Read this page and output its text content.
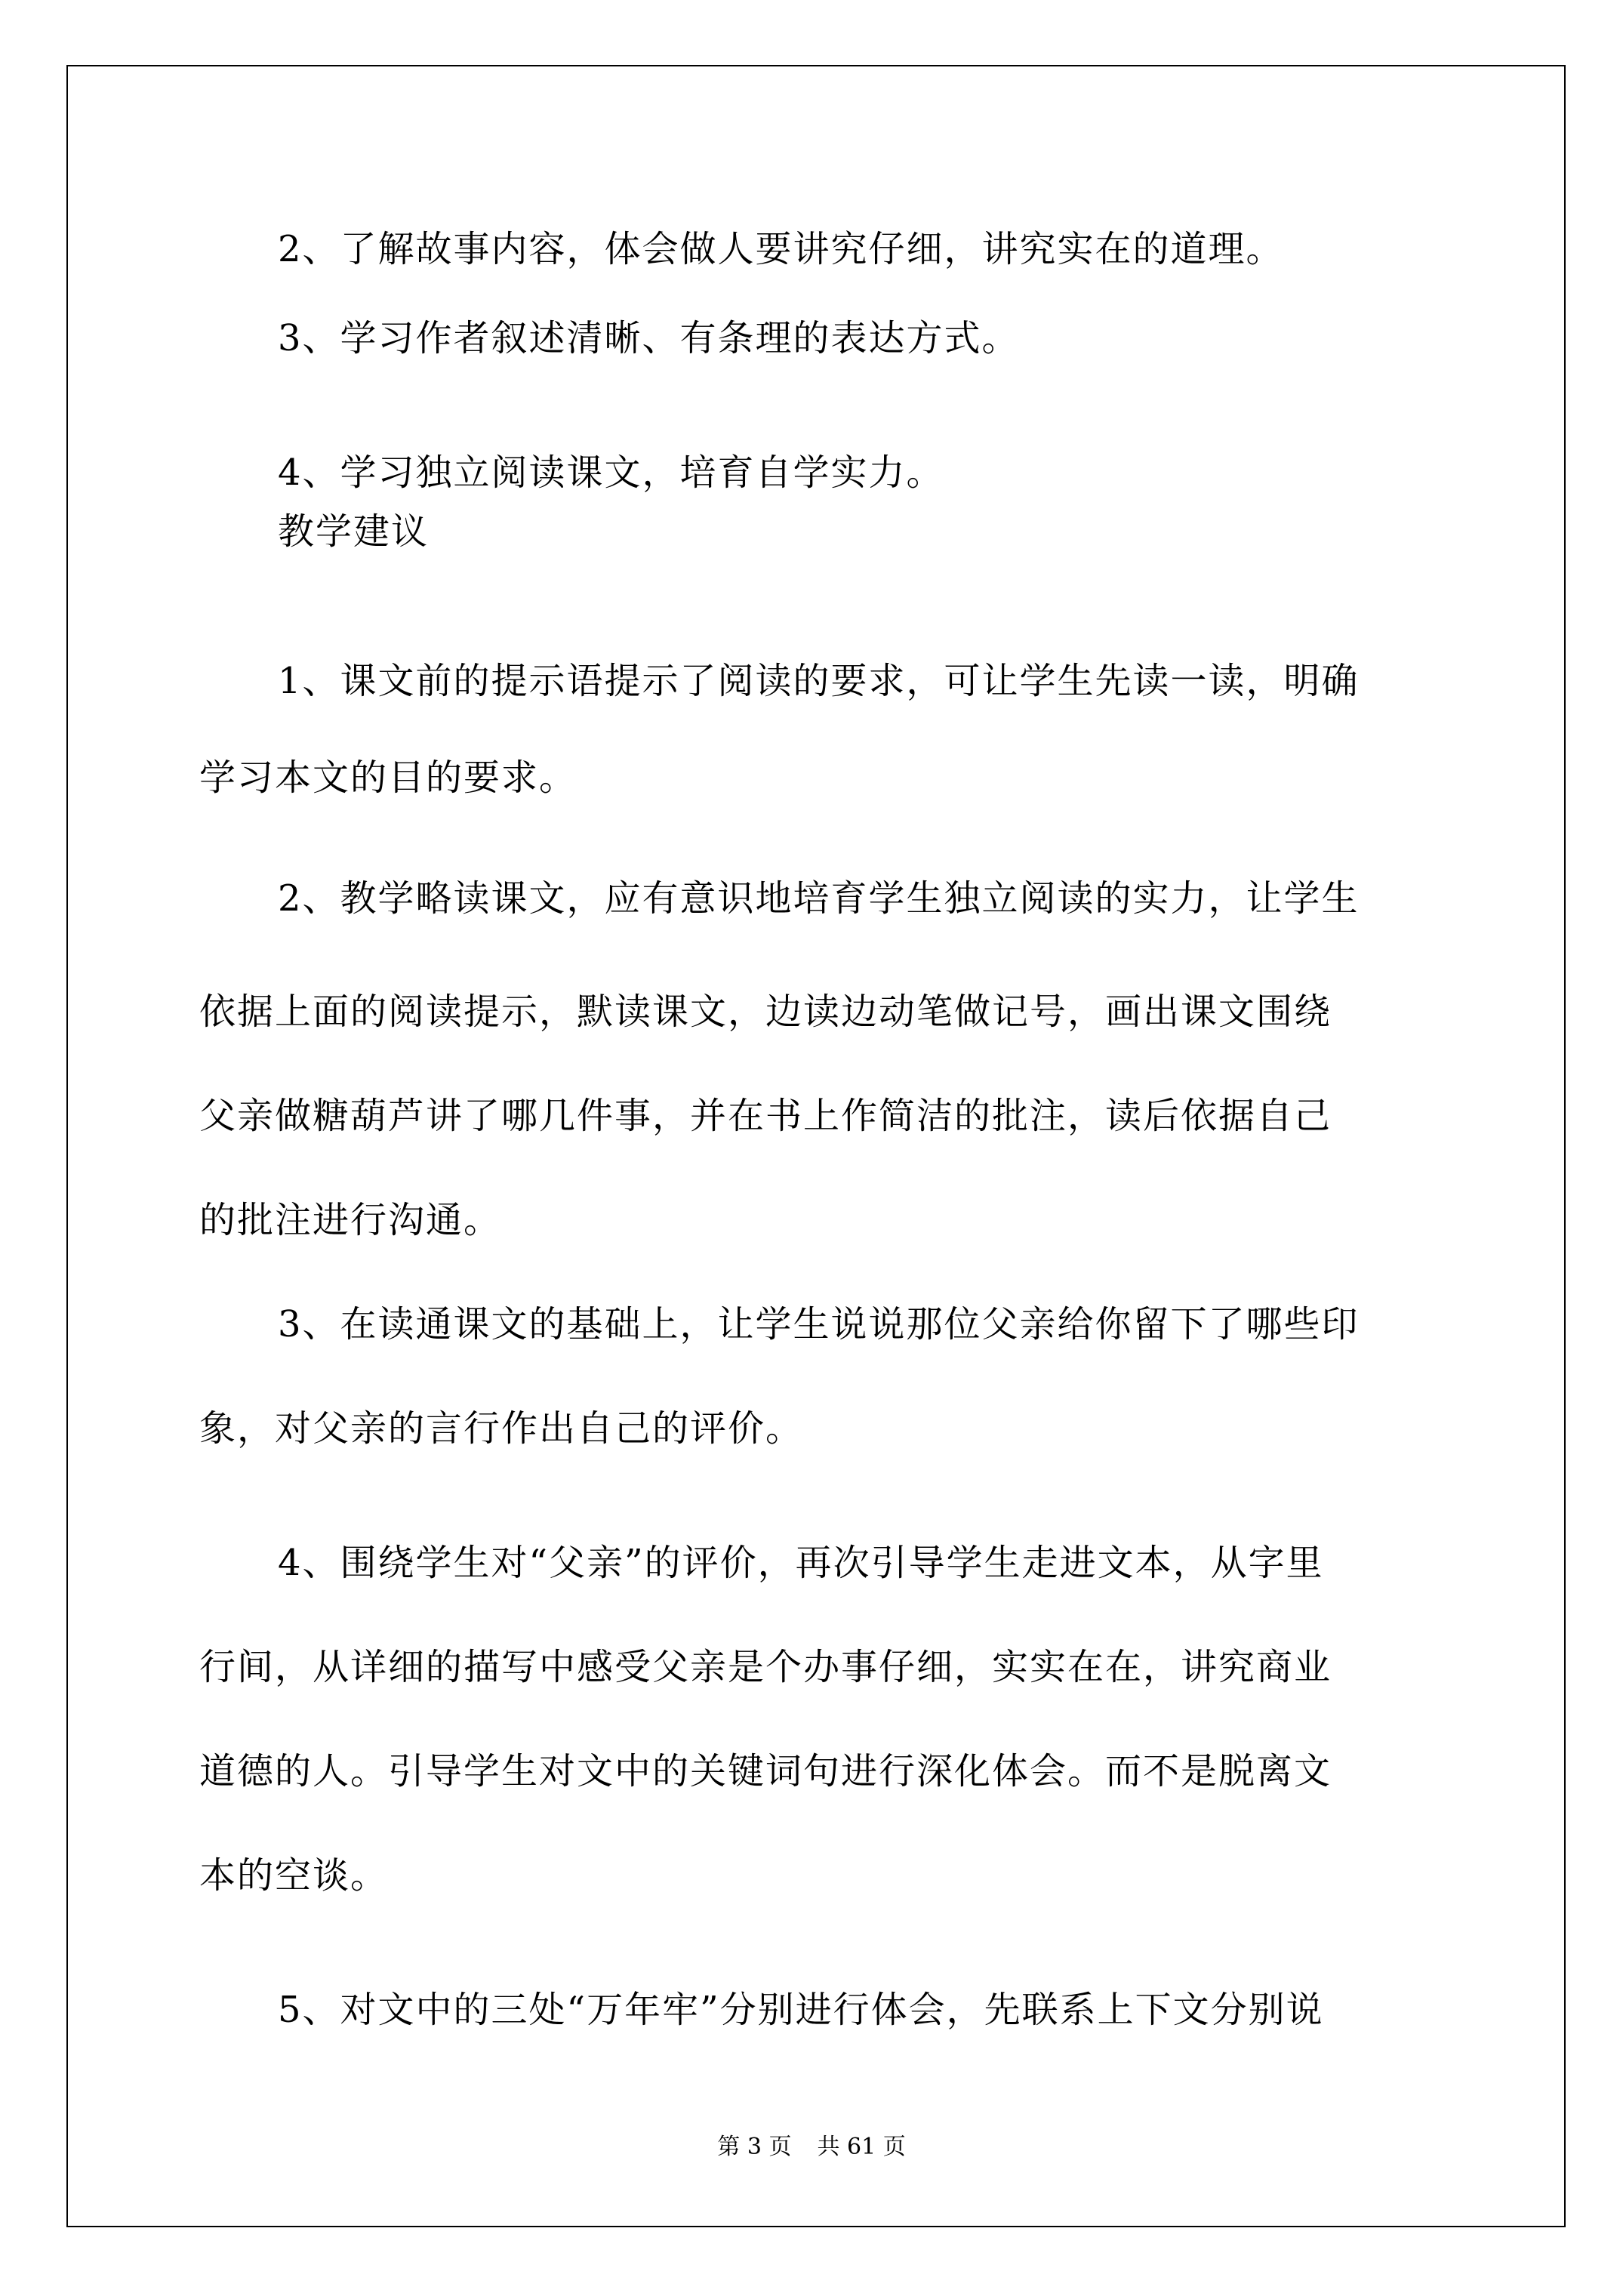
2、了解故事内容，体会做人要讲究仔细，讲究实在的道理。
3、学习作者叙述清晰、有条理的表达方式。
4、学习独立阅读课文，培育自学实力。
教学建议
1、课文前的提示语提示了阅读的要求，可让学生先读一读，明确
学习本文的目的要求。
2、教学略读课文，应有意识地培育学生独立阅读的实力，让学生
依据上面的阅读提示，默读课文，边读边动笔做记号，画出课文围绕
父亲做糖葫芦讲了哪几件事，并在书上作简洁的批注，读后依据自己
的批注进行沟通。
3、在读通课文的基础上，让学生说说那位父亲给你留下了哪些印
象，对父亲的言行作出自己的评价。
4、围绕学生对“父亲”的评价，再次引导学生走进文本，从字里
行间，从详细的描写中感受父亲是个办事仔细，实实在在，讲究商业
道德的人。引导学生对文中的关键词句进行深化体会。而不是脱离文
本的空谈。
5、对文中的三处“万年牢”分别进行体会，先联系上下文分别说
第 3 页 共 61 页
